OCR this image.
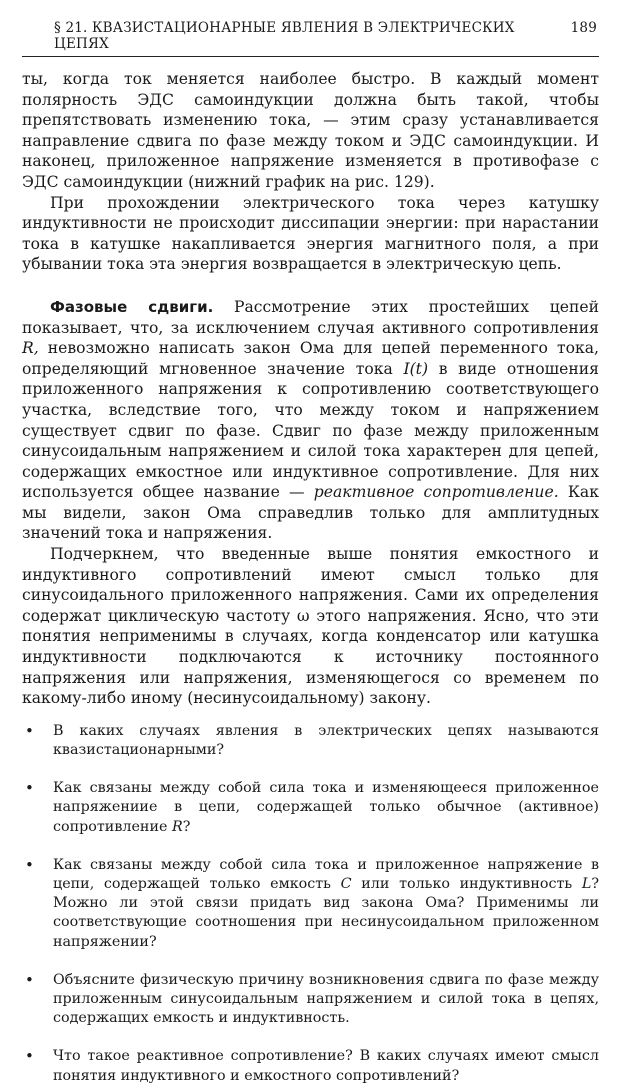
§ 21. КВАЗИСТАЦИОНАРНЫЕ ЯВЛЕНИЯ В ЭЛЕКТРИЧЕСКИХ ЦЕПЯХ
189

ты, когда ток меняется наиболее быстро. В каждый момент полярность ЭДС самоиндукции должна быть такой, чтобы препятствовать изменению тока, — этим сразу устанавливается направление сдвига по фазе между током и ЭДС самоиндукции. И наконец, приложенное напряжение изменяется в противофазе с ЭДС самоиндукции (нижний график на рис. 129).

При прохождении электрического тока через катушку индуктивности не происходит диссипации энергии: при нарастании тока в катушке накапливается энергия магнитного поля, а при убывании тока эта энергия возвращается в электрическую цепь.

Фазовые сдвиги. Рассмотрение этих простейших цепей показывает, что, за исключением случая активного сопротивления R, невозможно написать закон Ома для цепей переменного тока, определяющий мгновенное значение тока I(t) в виде отношения приложенного напряжения к сопротивлению соответствующего участка, вследствие того, что между током и напряжением существует сдвиг по фазе. Сдвиг по фазе между приложенным синусоидальным напряжением и силой тока характерен для цепей, содержащих емкостное или индуктивное сопротивление. Для них используется общее название — реактивное сопротивление. Как мы видели, закон Ома справедлив только для амплитудных значений тока и напряжения.

Подчеркнем, что введенные выше понятия емкостного и индуктивного сопротивлений имеют смысл только для синусоидального приложенного напряжения. Сами их определения содержат циклическую частоту ω этого напряжения. Ясно, что эти понятия неприменимы в случаях, когда конденсатор или катушка индуктивности подключаются к источнику постоянного напряжения или напряжения, изменяющегося со временем по какому-либо иному (несинусоидальному) закону.

•	В каких случаях явления в электрических цепях называются квазистационарными?
•	Как связаны между собой сила тока и изменяющееся приложенное напряжениие в цепи, содержащей только обычное (активное) сопротивление R?
•	Как связаны между собой сила тока и приложенное напряжение в цепи, содержащей только емкость C или только индуктивность L? Можно ли этой связи придать вид закона Ома? Применимы ли соответствующие соотношения при несинусоидальном приложенном напряжении?
•	Объясните физическую причину возникновения сдвига по фазе между приложенным синусоидальным напряжением и силой тока в цепях, содержащих емкость и индуктивность.
•	Что такое реактивное сопротивление? В каких случаях имеют смысл понятия индуктивного и емкостного сопротивлений?
